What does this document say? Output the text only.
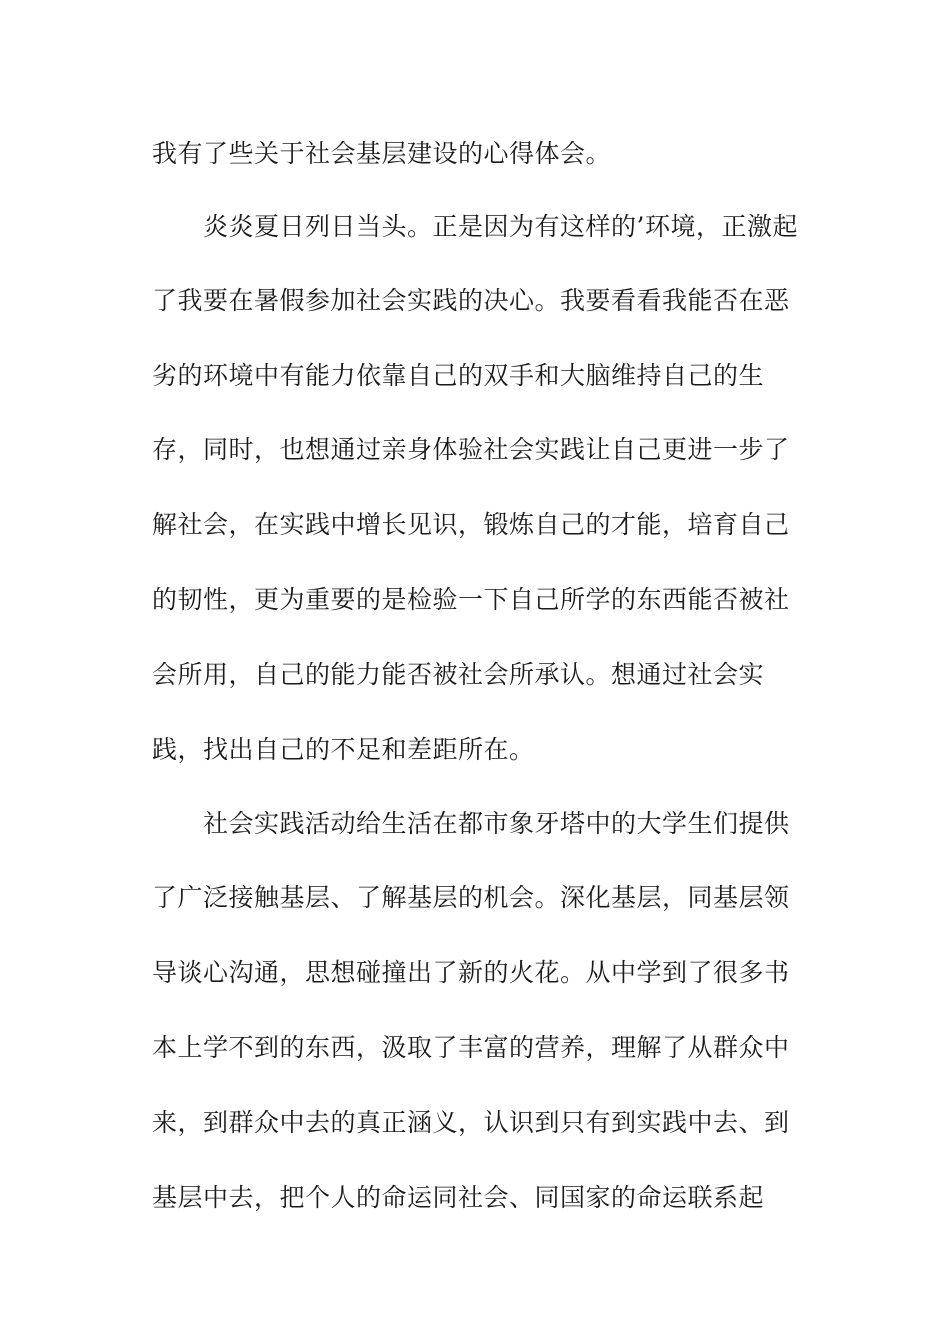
我有了些关于社会基层建设的心得体会。
炎炎夏日列日当头。正是因为有这样的’环境，正激起
了我要在暑假参加社会实践的决心。我要看看我能否在恶
劣的环境中有能力依靠自己的双手和大脑维持自己的生
存，同时，也想通过亲身体验社会实践让自己更进一步了
解社会，在实践中增长见识，锻炼自己的才能，培育自己
的韧性，更为重要的是检验一下自己所学的东西能否被社
会所用，自己的能力能否被社会所承认。想通过社会实
践，找出自己的不足和差距所在。
社会实践活动给生活在都市象牙塔中的大学生们提供
了广泛接触基层、了解基层的机会。深化基层，同基层领
导谈心沟通，思想碰撞出了新的火花。从中学到了很多书
本上学不到的东西，汲取了丰富的营养，理解了从群众中
来，到群众中去的真正涵义，认识到只有到实践中去、到
基层中去，把个人的命运同社会、同国家的命运联系起
